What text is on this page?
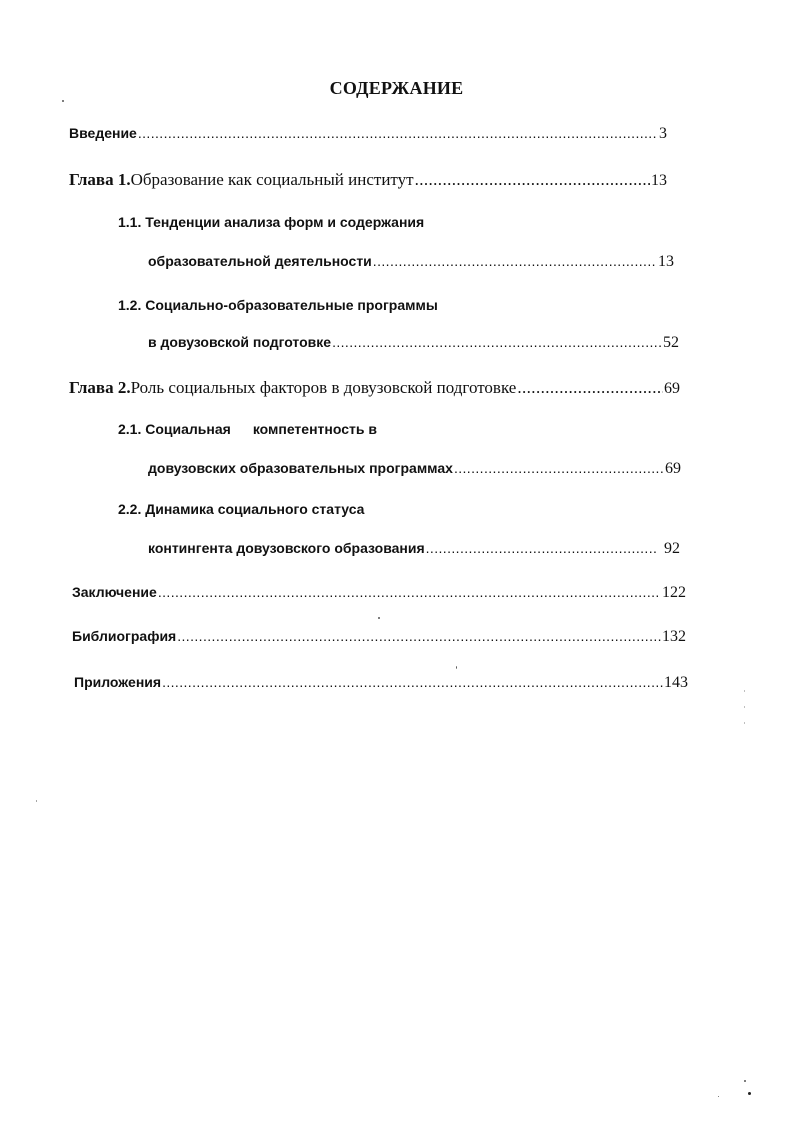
СОДЕРЖАНИЕ
Введение .....	3
Глава 1. Образование как социальный институт .....	13
1.1. Тенденции анализа форм и содержания
образовательной деятельности .....	13
1.2. Социально-образовательные программы
в довузовской подготовке .....	52
Глава 2. Роль социальных факторов в довузовской подготовке .....	69
2.1. Социальная компетентность в
довузовских образовательных программах .....	69
2.2. Динамика социального статуса
контингента довузовского образования .....	92
Заключение .....	122
Библиография .....	132
Приложения .....	143
